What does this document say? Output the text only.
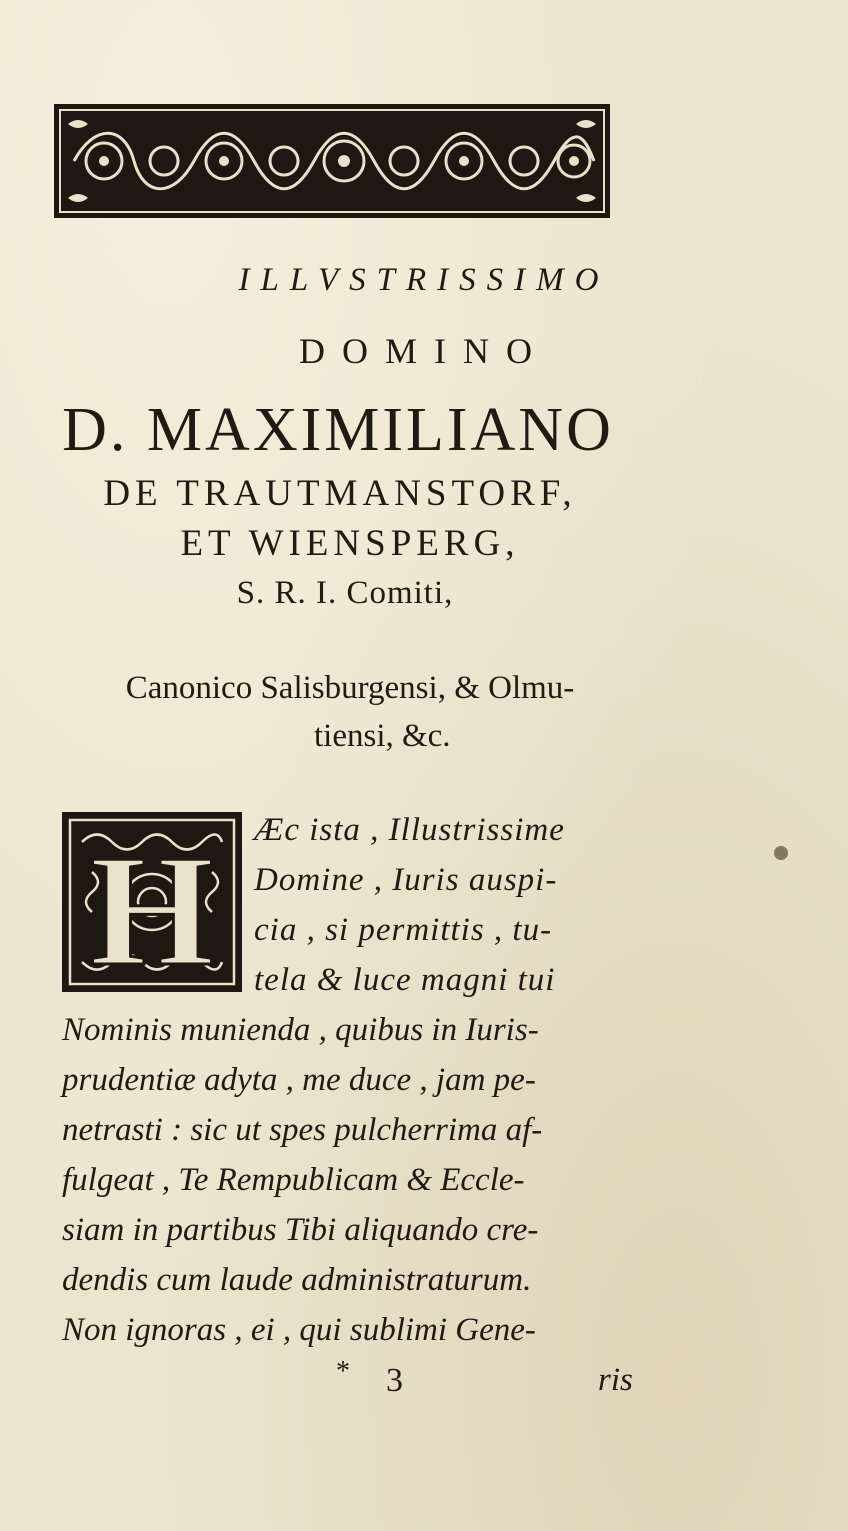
ILLVSTRISSIMO
DOMINO
D. MAXIMILIANO
DE TRAUTMANSTORF,
ET WIENSPERG,
S. R. I. Comiti,
Canonico Salisburgensi, & Olmu-
tiensi, &c.
H Æc ista , Illustrissime
Domine , Iuris auspi-
cia , si permittis , tu-
tela & luce magni tui
Nominis munienda , quibus in Iuris-
prudentiæ adyta , me duce , jam pe-
netrasti : sic ut spes pulcherrima af-
fulgeat , Te Rempublicam & Eccle-
siam in partibus Tibi aliquando cre-
dendis cum laude administraturum.
Non ignoras , ei , qui sublimi Gene-
* 3	ris
